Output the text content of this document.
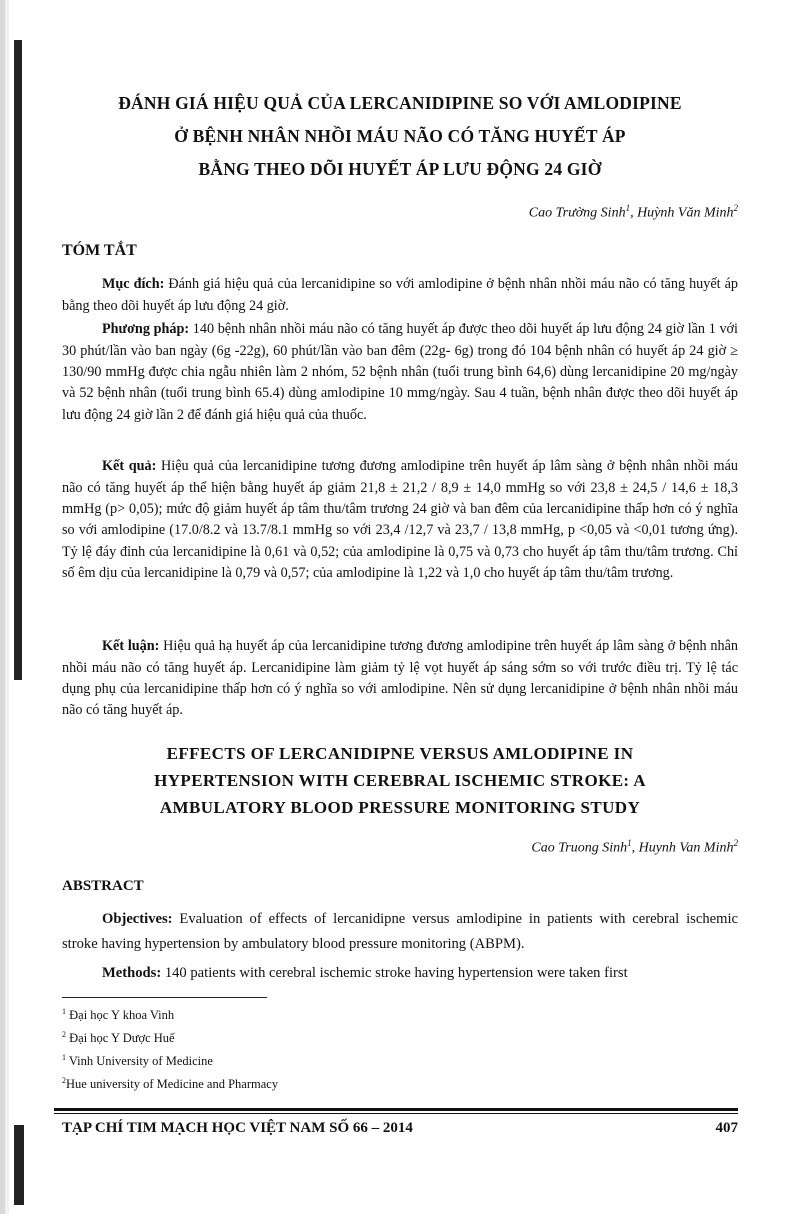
ĐÁNH GIÁ HIỆU QUẢ CỦA LERCANIDIPINE SO VỚI AMLODIPINE
Ở BỆNH NHÂN NHỒI MÁU NÃO CÓ TĂNG HUYẾT ÁP
BẰNG THEO DÕI HUYẾT ÁP LƯU ĐỘNG 24 GIỜ
Cao Trường Sinh$^1$, Huỳnh Văn Minh$^2$
TÓM TẮT

Mục đích: Đánh giá hiệu quả của lercanidipine so với amlodipine ở bệnh nhân nhồi máu não có tăng huyết áp bằng theo dõi huyết áp lưu động 24 giờ.

Phương pháp: 140 bệnh nhân nhồi máu não có tăng huyết áp được theo dõi huyết áp lưu động 24 giờ lần 1 với 30 phút/lần vào ban ngày (6g -22g), 60 phút/lần vào ban đêm (22g- 6g) trong đó 104 bệnh nhân có huyết áp 24 giờ ≥ 130/90 mmHg được chia ngẫu nhiên làm 2 nhóm, 52 bệnh nhân (tuổi trung bình 64,6) dùng lercanidipine 20 mg/ngày và 52 bệnh nhân (tuổi trung bình 65.4) dùng amlodipine 10 mmg/ngày. Sau 4 tuần, bệnh nhân được theo dõi huyết áp lưu động 24 giờ lần 2 để đánh giá hiệu quả của thuốc.

Kết quả: Hiệu quả của lercanidipine tương đương amlodipine trên huyết áp lâm sàng ở bệnh nhân nhồi máu não có tăng huyết áp thể hiện bằng huyết áp giảm 21,8 ± 21,2 / 8,9 ± 14,0 mmHg so với 23,8 ± 24,5 / 14,6 ± 18,3 mmHg (p> 0,05); mức độ giảm huyết áp tâm thu/tâm trương 24 giờ và ban đêm của lercanidipine thấp hơn có ý nghĩa so với amlodipine (17.0/8.2 và 13.7/8.1 mmHg so với 23,4 /12,7 và 23,7 / 13,8 mmHg, p <0,05 và <0,01 tương ứng). Tỷ lệ đáy đỉnh của lercanidipine là 0,61 và 0,52; của amlodipine là 0,75 và 0,73 cho huyết áp tâm thu/tâm trương. Chỉ số êm dịu của lercanidipine là 0,79 và 0,57; của amlodipine là 1,22 và 1,0 cho huyết áp tâm thu/tâm trương.

Kết luận: Hiệu quả hạ huyết áp của lercanidipine tương đương amlodipine trên huyết áp lâm sàng ở bệnh nhân nhồi máu não có tăng huyết áp. Lercanidipine làm giảm tỷ lệ vọt huyết áp sáng sớm so với trước điều trị. Tỷ lệ tác dụng phụ của lercanidipine thấp hơn có ý nghĩa so với amlodipine. Nên sử dụng lercanidipine ở bệnh nhân nhồi máu não có tăng huyết áp.

EFFECTS OF LERCANIDIPNE VERSUS AMLODIPINE IN
HYPERTENSION WITH CEREBRAL ISCHEMIC STROKE: A
AMBULATORY BLOOD PRESSURE MONITORING STUDY
Cao Truong Sinh$^1$, Huynh Van Minh$^2$
ABSTRACT

Objectives: Evaluation of effects of lercanidipne versus amlodipine in patients with cerebral ischemic stroke having hypertension by ambulatory blood pressure monitoring (ABPM).

Methods: 140 patients with cerebral ischemic stroke having hypertension were taken first

$^1$ Đại học Y khoa Vinh
$^2$ Đại học Y Dược Huế
$^1$ Vinh University of Medicine
$^2$Hue university of Medicine and Pharmacy
TẠP CHÍ TIM MẠCH HỌC VIỆT NAM SỐ 66 – 2014	407
